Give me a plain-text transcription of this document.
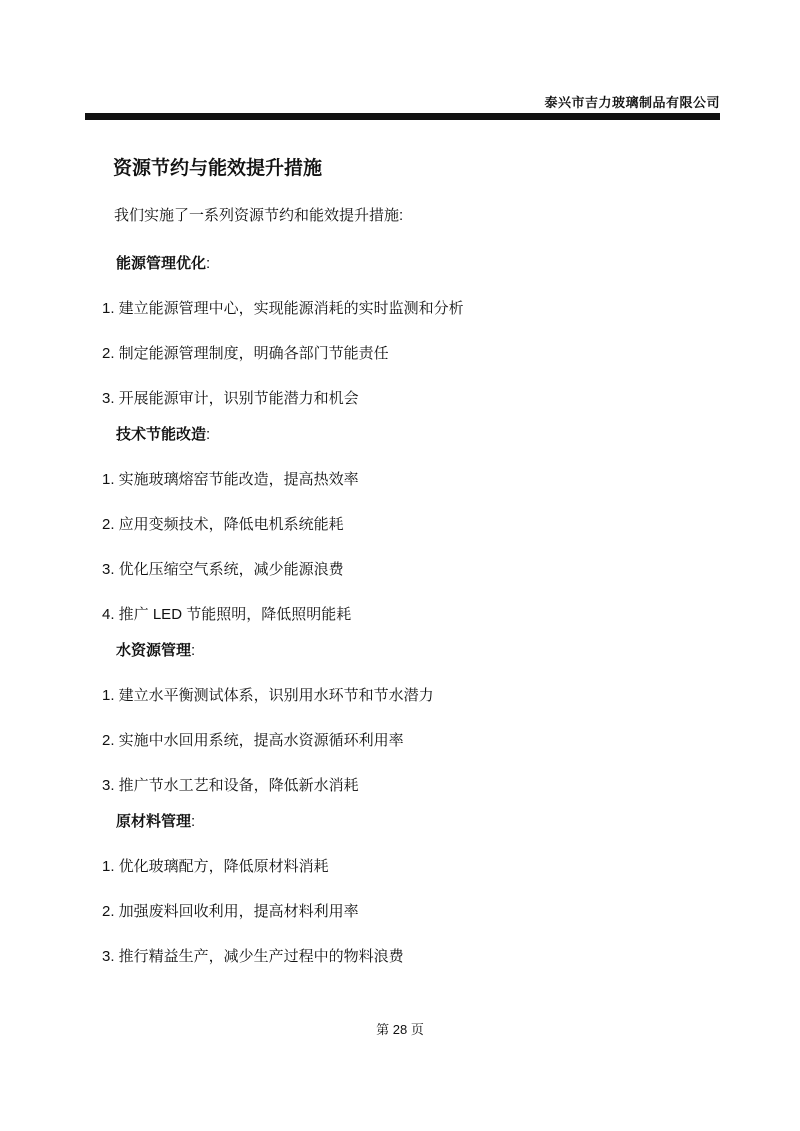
泰兴市吉力玻璃制品有限公司
资源节约与能效提升措施

我们实施了一系列资源节约和能效提升措施:

能源管理优化:

1. 建立能源管理中心，实现能源消耗的实时监测和分析

2. 制定能源管理制度，明确各部门节能责任

3. 开展能源审计，识别节能潜力和机会

技术节能改造:

1. 实施玻璃熔窑节能改造，提高热效率

2. 应用变频技术，降低电机系统能耗

3. 优化压缩空气系统，减少能源浪费

4. 推广 LED 节能照明，降低照明能耗

水资源管理:

1. 建立水平衡测试体系，识别用水环节和节水潜力

2. 实施中水回用系统，提高水资源循环利用率

3. 推广节水工艺和设备，降低新水消耗

原材料管理:

1. 优化玻璃配方，降低原材料消耗

2. 加强废料回收利用，提高材料利用率

3. 推行精益生产，减少生产过程中的物料浪费

第 28 页
